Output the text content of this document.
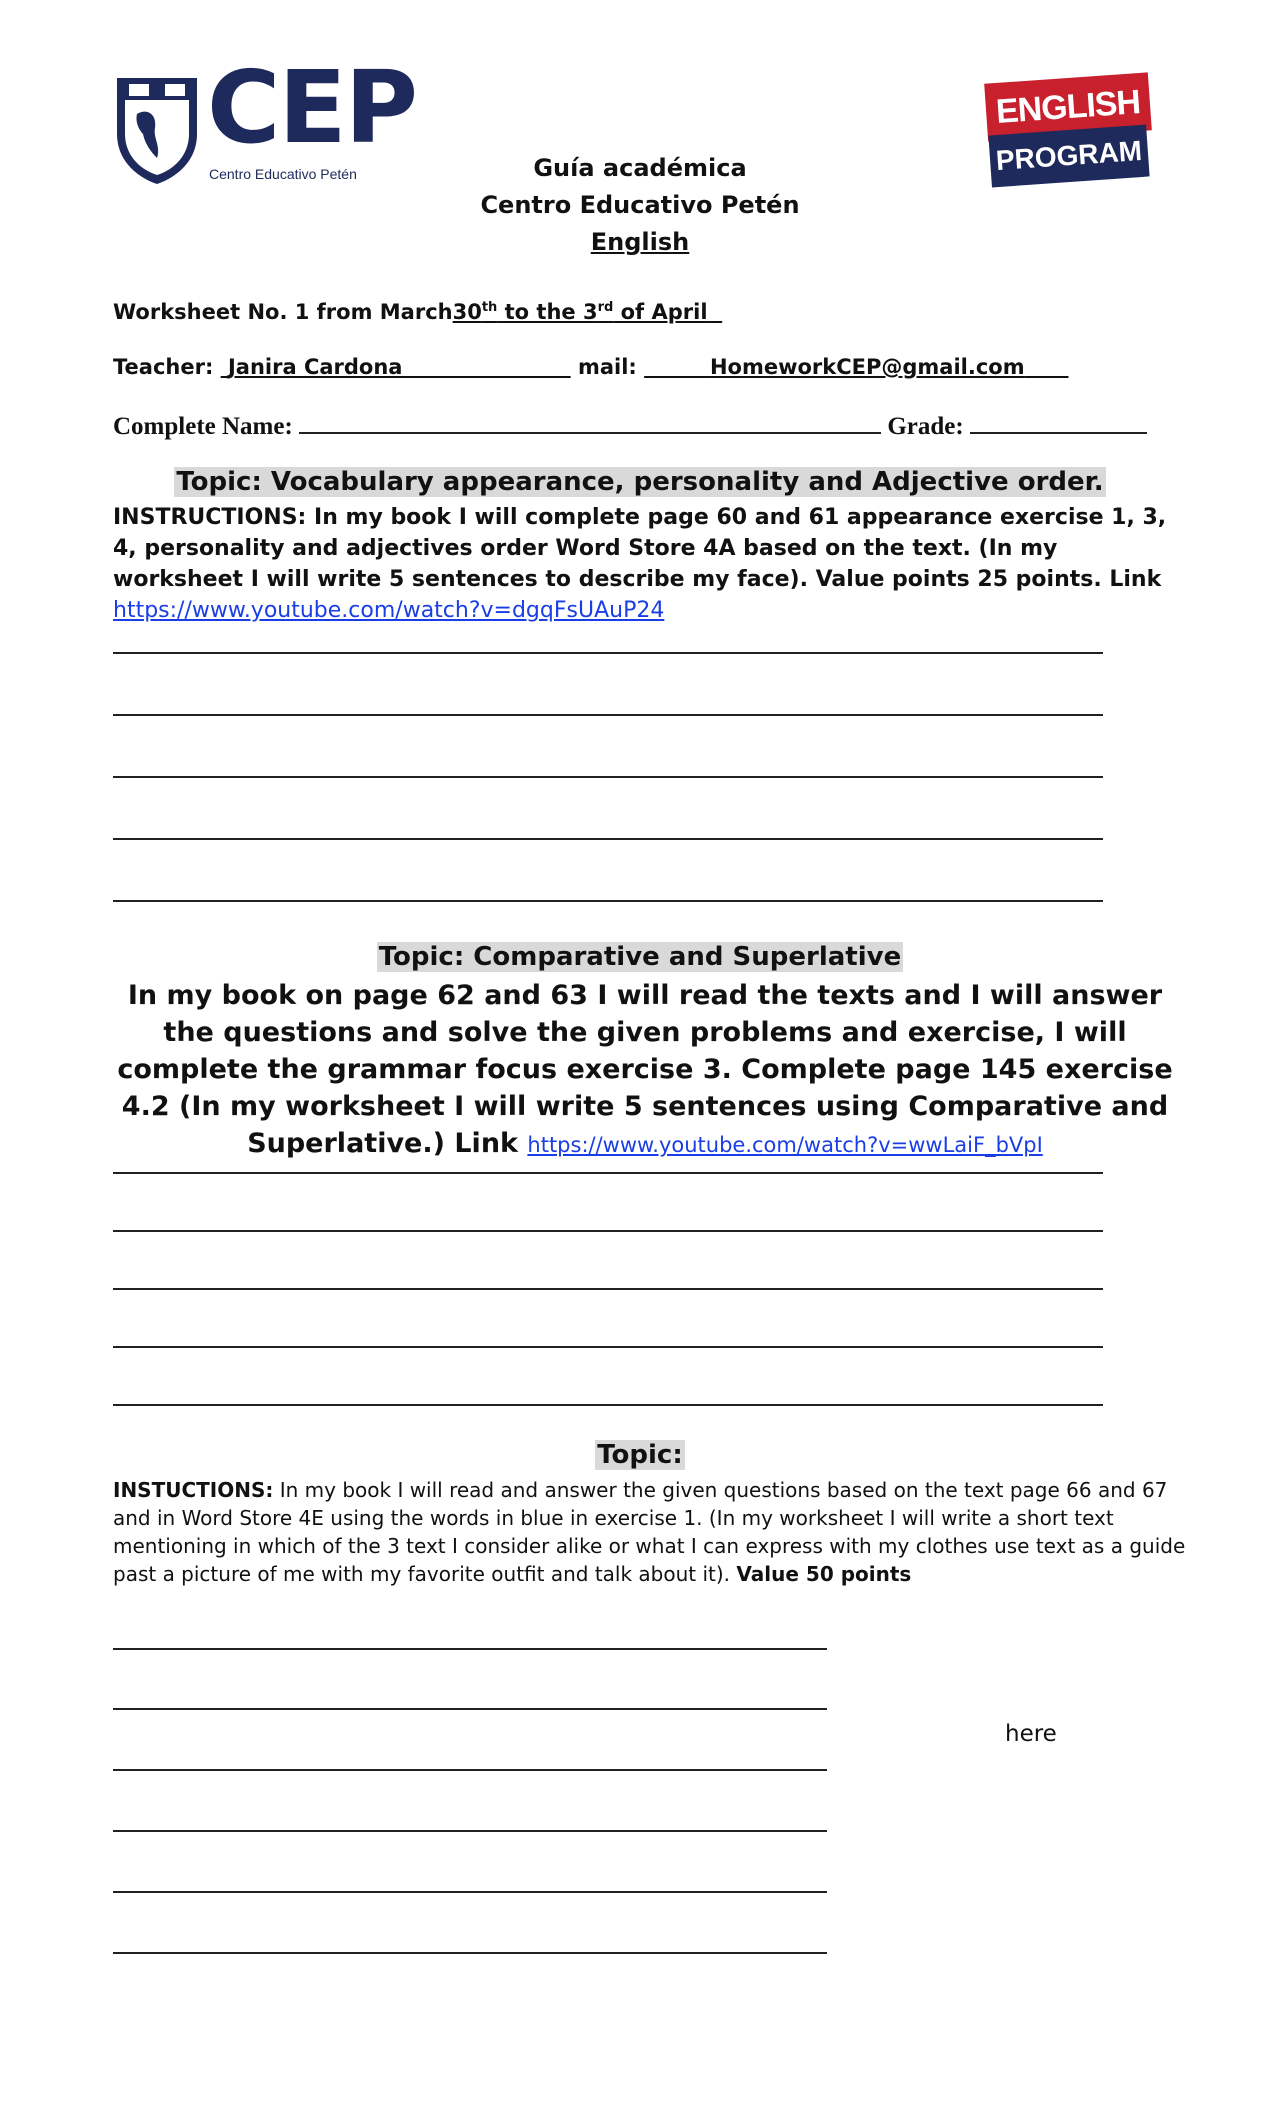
CEP
Centro Educativo Petén
ENGLISH
PROGRAM
Guía académica
Centro Educativo Petén
English
Worksheet No. 1 from March30th to the 3rd of April
Teacher: Janira Cardona	mail:	HomeworkCEP@gmail.com
Complete Name:	Grade:
Topic: Vocabulary appearance, personality and Adjective order.
INSTRUCTIONS: In my book I will complete page 60 and 61 appearance exercise 1, 3, 4, personality and adjectives order Word Store 4A based on the text. (In my worksheet I will write 5 sentences to describe my face). Value points 25 points. Link https://www.youtube.com/watch?v=dgqFsUAuP24
Topic: Comparative and Superlative
In my book on page 62 and 63 I will read the texts and I will answer the questions and solve the given problems and exercise, I will complete the grammar focus exercise 3. Complete page 145 exercise 4.2 (In my worksheet I will write 5 sentences using Comparative and Superlative.) Link https://www.youtube.com/watch?v=wwLaiF_bVpI
Topic:
INSTUCTIONS: In my book I will read and answer the given questions based on the text page 66 and 67 and in Word Store 4E using the words in blue in exercise 1. (In my worksheet I will write a short text mentioning in which of the 3 text I consider alike or what I can express with my clothes use text as a guide past a picture of me with my favorite outfit and talk about it). Value 50 points
here
